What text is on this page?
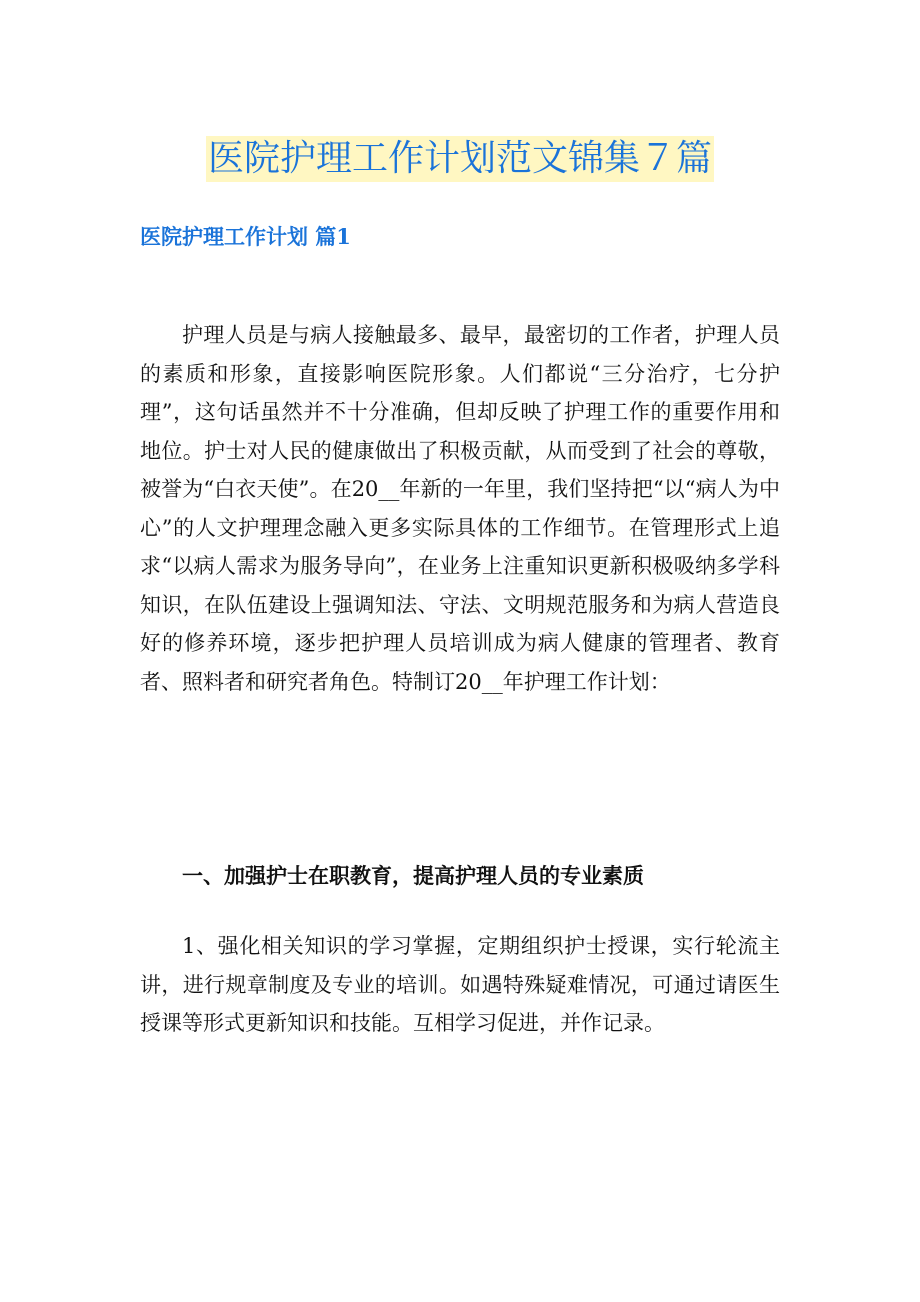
医院护理工作计划范文锦集７篇
医院护理工作计划 篇1

护理人员是与病人接触最多、最早，最密切的工作者，护理人员的素质和形象，直接影响医院形象。人们都说“三分治疗，七分护理”，这句话虽然并不十分准确，但却反映了护理工作的重要作用和地位。护士对人民的健康做出了积极贡献，从而受到了社会的尊敬，被誉为“白衣天使”。在20__年新的一年里，我们坚持把“以“病人为中心”的人文护理理念融入更多实际具体的工作细节。在管理形式上追求“以病人需求为服务导向”，在业务上注重知识更新积极吸纳多学科知识，在队伍建设上强调知法、守法、文明规范服务和为病人营造良好的修养环境，逐步把护理人员培训成为病人健康的管理者、教育者、照料者和研究者角色。特制订20__年护理工作计划：

一、加强护士在职教育，提高护理人员的专业素质

1、强化相关知识的学习掌握，定期组织护士授课，实行轮流主讲，进行规章制度及专业的培训。如遇特殊疑难情况，可通过请医生授课等形式更新知识和技能。互相学习促进，并作记录。
